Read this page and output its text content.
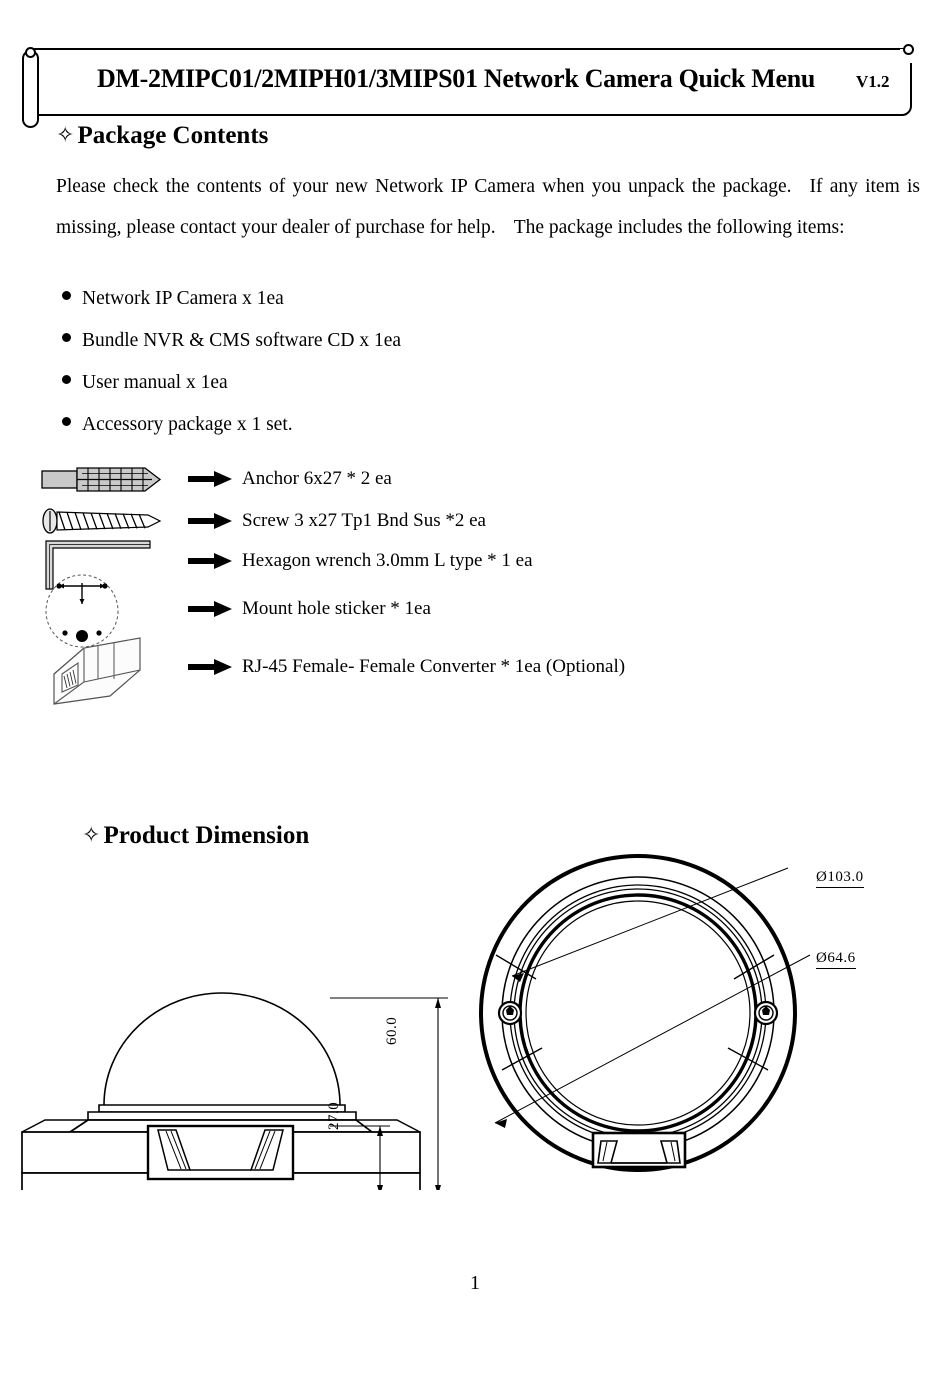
DM-2MIPC01/2MIPH01/3MIPS01 Network Camera Quick Menu	V1.2
✧ Package Contents
Please check the contents of your new Network IP Camera when you unpack the package. If any item is missing, please contact your dealer of purchase for help. The package includes the following items:
Network IP Camera x 1ea
Bundle NVR & CMS software CD x 1ea
User manual x 1ea
Accessory package x 1 set.
Anchor 6x27 * 2 ea
Screw 3 x27 Tp1 Bnd Sus *2 ea
Hexagon wrench 3.0mm L type * 1 ea
Mount hole sticker * 1ea
RJ-45 Female- Female Converter * 1ea (Optional)
✧ Product Dimension
Ø103.0
Ø64.6
60.0
27.0
1
